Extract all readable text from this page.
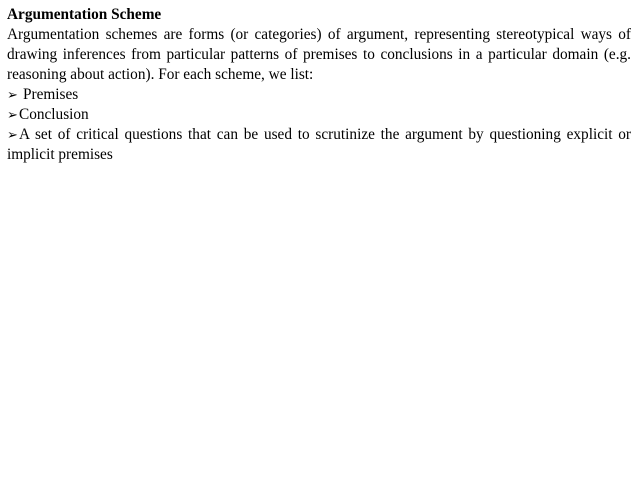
Argumentation Scheme

Argumentation schemes are forms (or categories) of argument, representing stereotypical ways of drawing inferences from particular patterns of premises to conclusions in a particular domain (e.g. reasoning about action). For each scheme, we list:

➢ Premises
➢Conclusion
➢A set of critical questions that can be used to scrutinize the argument by questioning explicit or implicit premises
